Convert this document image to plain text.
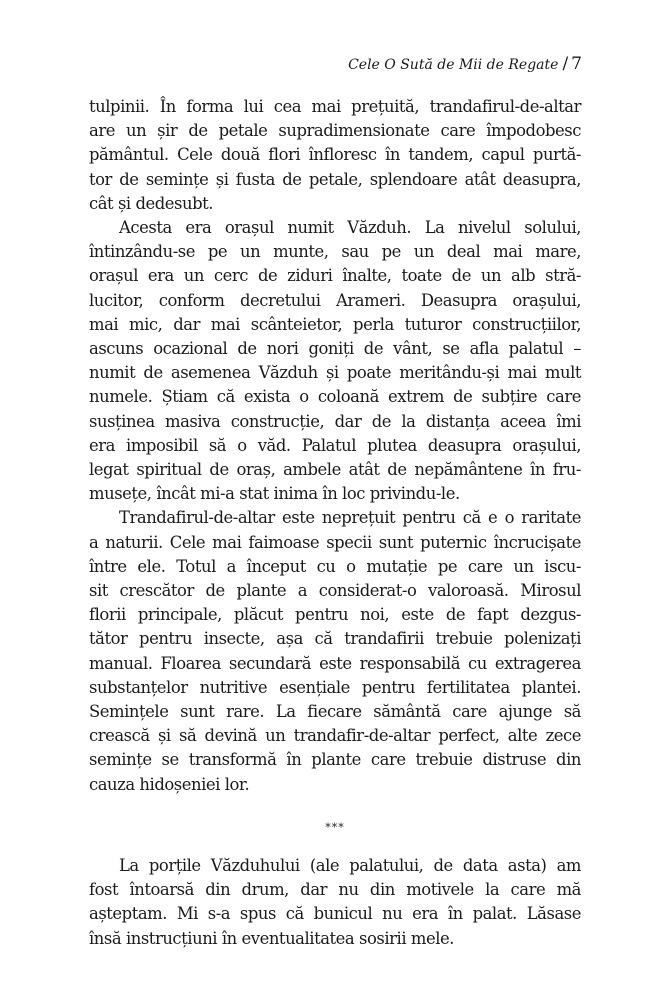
Cele O Sută de Mii de Regate / 7

tulpinii. În forma lui cea mai prețuită, trandafirul-de-altar
are un șir de petale supradimensionate care împodobesc
pământul. Cele două flori înfloresc în tandem, capul purtă-
tor de semințe și fusta de petale, splendoare atât deasupra,
cât și dedesubt.

Acesta era orașul numit Văzduh. La nivelul solului,
întinzându-se pe un munte, sau pe un deal mai mare,
orașul era un cerc de ziduri înalte, toate de un alb stră-
lucitor, conform decretului Arameri. Deasupra orașului,
mai mic, dar mai scânteietor, perla tuturor construcțiilor,
ascuns ocazional de nori goniți de vânt, se afla palatul –
numit de asemenea Văzduh și poate meritându-și mai mult
numele. Știam că exista o coloană extrem de subțire care
susținea masiva construcție, dar de la distanța aceea îmi
era imposibil să o văd. Palatul plutea deasupra orașului,
legat spiritual de oraș, ambele atât de nepământene în fru-
musețe, încât mi-a stat inima în loc privindu-le.

Trandafirul-de-altar este neprețuit pentru că e o raritate
a naturii. Cele mai faimoase specii sunt puternic încrucișate
între ele. Totul a început cu o mutație pe care un iscu-
sit crescător de plante a considerat-o valoroasă. Mirosul
florii principale, plăcut pentru noi, este de fapt dezgus-
tător pentru insecte, așa că trandafirii trebuie polenizați
manual. Floarea secundară este responsabilă cu extragerea
substanțelor nutritive esențiale pentru fertilitatea plantei.
Semințele sunt rare. La fiecare sământă care ajunge să
crească și să devină un trandafir-de-altar perfect, alte zece
semințe se transformă în plante care trebuie distruse din
cauza hidoșeniei lor.

***

La porțile Văzduhului (ale palatului, de data asta) am
fost întoarsă din drum, dar nu din motivele la care mă
așteptam. Mi s-a spus că bunicul nu era în palat. Lăsase
însă instrucțiuni în eventualitatea sosirii mele.
